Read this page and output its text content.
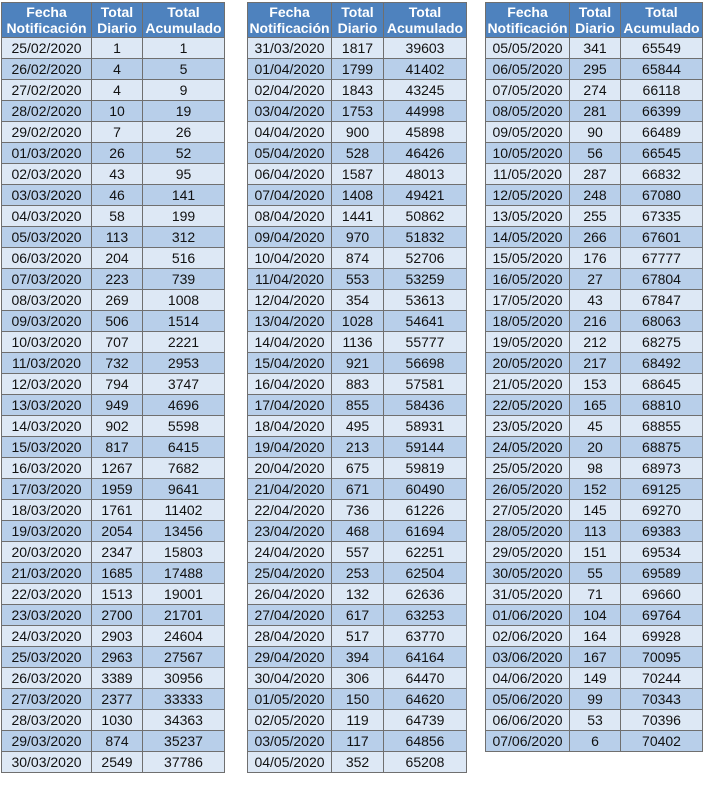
Fecha Notificación	Total Diario	Total Acumulado
25/02/2020	1	1
26/02/2020	4	5
27/02/2020	4	9
28/02/2020	10	19
29/02/2020	7	26
01/03/2020	26	52
02/03/2020	43	95
03/03/2020	46	141
04/03/2020	58	199
05/03/2020	113	312
06/03/2020	204	516
07/03/2020	223	739
08/03/2020	269	1008
09/03/2020	506	1514
10/03/2020	707	2221
11/03/2020	732	2953
12/03/2020	794	3747
13/03/2020	949	4696
14/03/2020	902	5598
15/03/2020	817	6415
16/03/2020	1267	7682
17/03/2020	1959	9641
18/03/2020	1761	11402
19/03/2020	2054	13456
20/03/2020	2347	15803
21/03/2020	1685	17488
22/03/2020	1513	19001
23/03/2020	2700	21701
24/03/2020	2903	24604
25/03/2020	2963	27567
26/03/2020	3389	30956
27/03/2020	2377	33333
28/03/2020	1030	34363
29/03/2020	874	35237
30/03/2020	2549	37786
Fecha Notificación	Total Diario	Total Acumulado
31/03/2020	1817	39603
01/04/2020	1799	41402
02/04/2020	1843	43245
03/04/2020	1753	44998
04/04/2020	900	45898
05/04/2020	528	46426
06/04/2020	1587	48013
07/04/2020	1408	49421
08/04/2020	1441	50862
09/04/2020	970	51832
10/04/2020	874	52706
11/04/2020	553	53259
12/04/2020	354	53613
13/04/2020	1028	54641
14/04/2020	1136	55777
15/04/2020	921	56698
16/04/2020	883	57581
17/04/2020	855	58436
18/04/2020	495	58931
19/04/2020	213	59144
20/04/2020	675	59819
21/04/2020	671	60490
22/04/2020	736	61226
23/04/2020	468	61694
24/04/2020	557	62251
25/04/2020	253	62504
26/04/2020	132	62636
27/04/2020	617	63253
28/04/2020	517	63770
29/04/2020	394	64164
30/04/2020	306	64470
01/05/2020	150	64620
02/05/2020	119	64739
03/05/2020	117	64856
04/05/2020	352	65208
Fecha Notificación	Total Diario	Total Acumulado
05/05/2020	341	65549
06/05/2020	295	65844
07/05/2020	274	66118
08/05/2020	281	66399
09/05/2020	90	66489
10/05/2020	56	66545
11/05/2020	287	66832
12/05/2020	248	67080
13/05/2020	255	67335
14/05/2020	266	67601
15/05/2020	176	67777
16/05/2020	27	67804
17/05/2020	43	67847
18/05/2020	216	68063
19/05/2020	212	68275
20/05/2020	217	68492
21/05/2020	153	68645
22/05/2020	165	68810
23/05/2020	45	68855
24/05/2020	20	68875
25/05/2020	98	68973
26/05/2020	152	69125
27/05/2020	145	69270
28/05/2020	113	69383
29/05/2020	151	69534
30/05/2020	55	69589
31/05/2020	71	69660
01/06/2020	104	69764
02/06/2020	164	69928
03/06/2020	167	70095
04/06/2020	149	70244
05/06/2020	99	70343
06/06/2020	53	70396
07/06/2020	6	70402
